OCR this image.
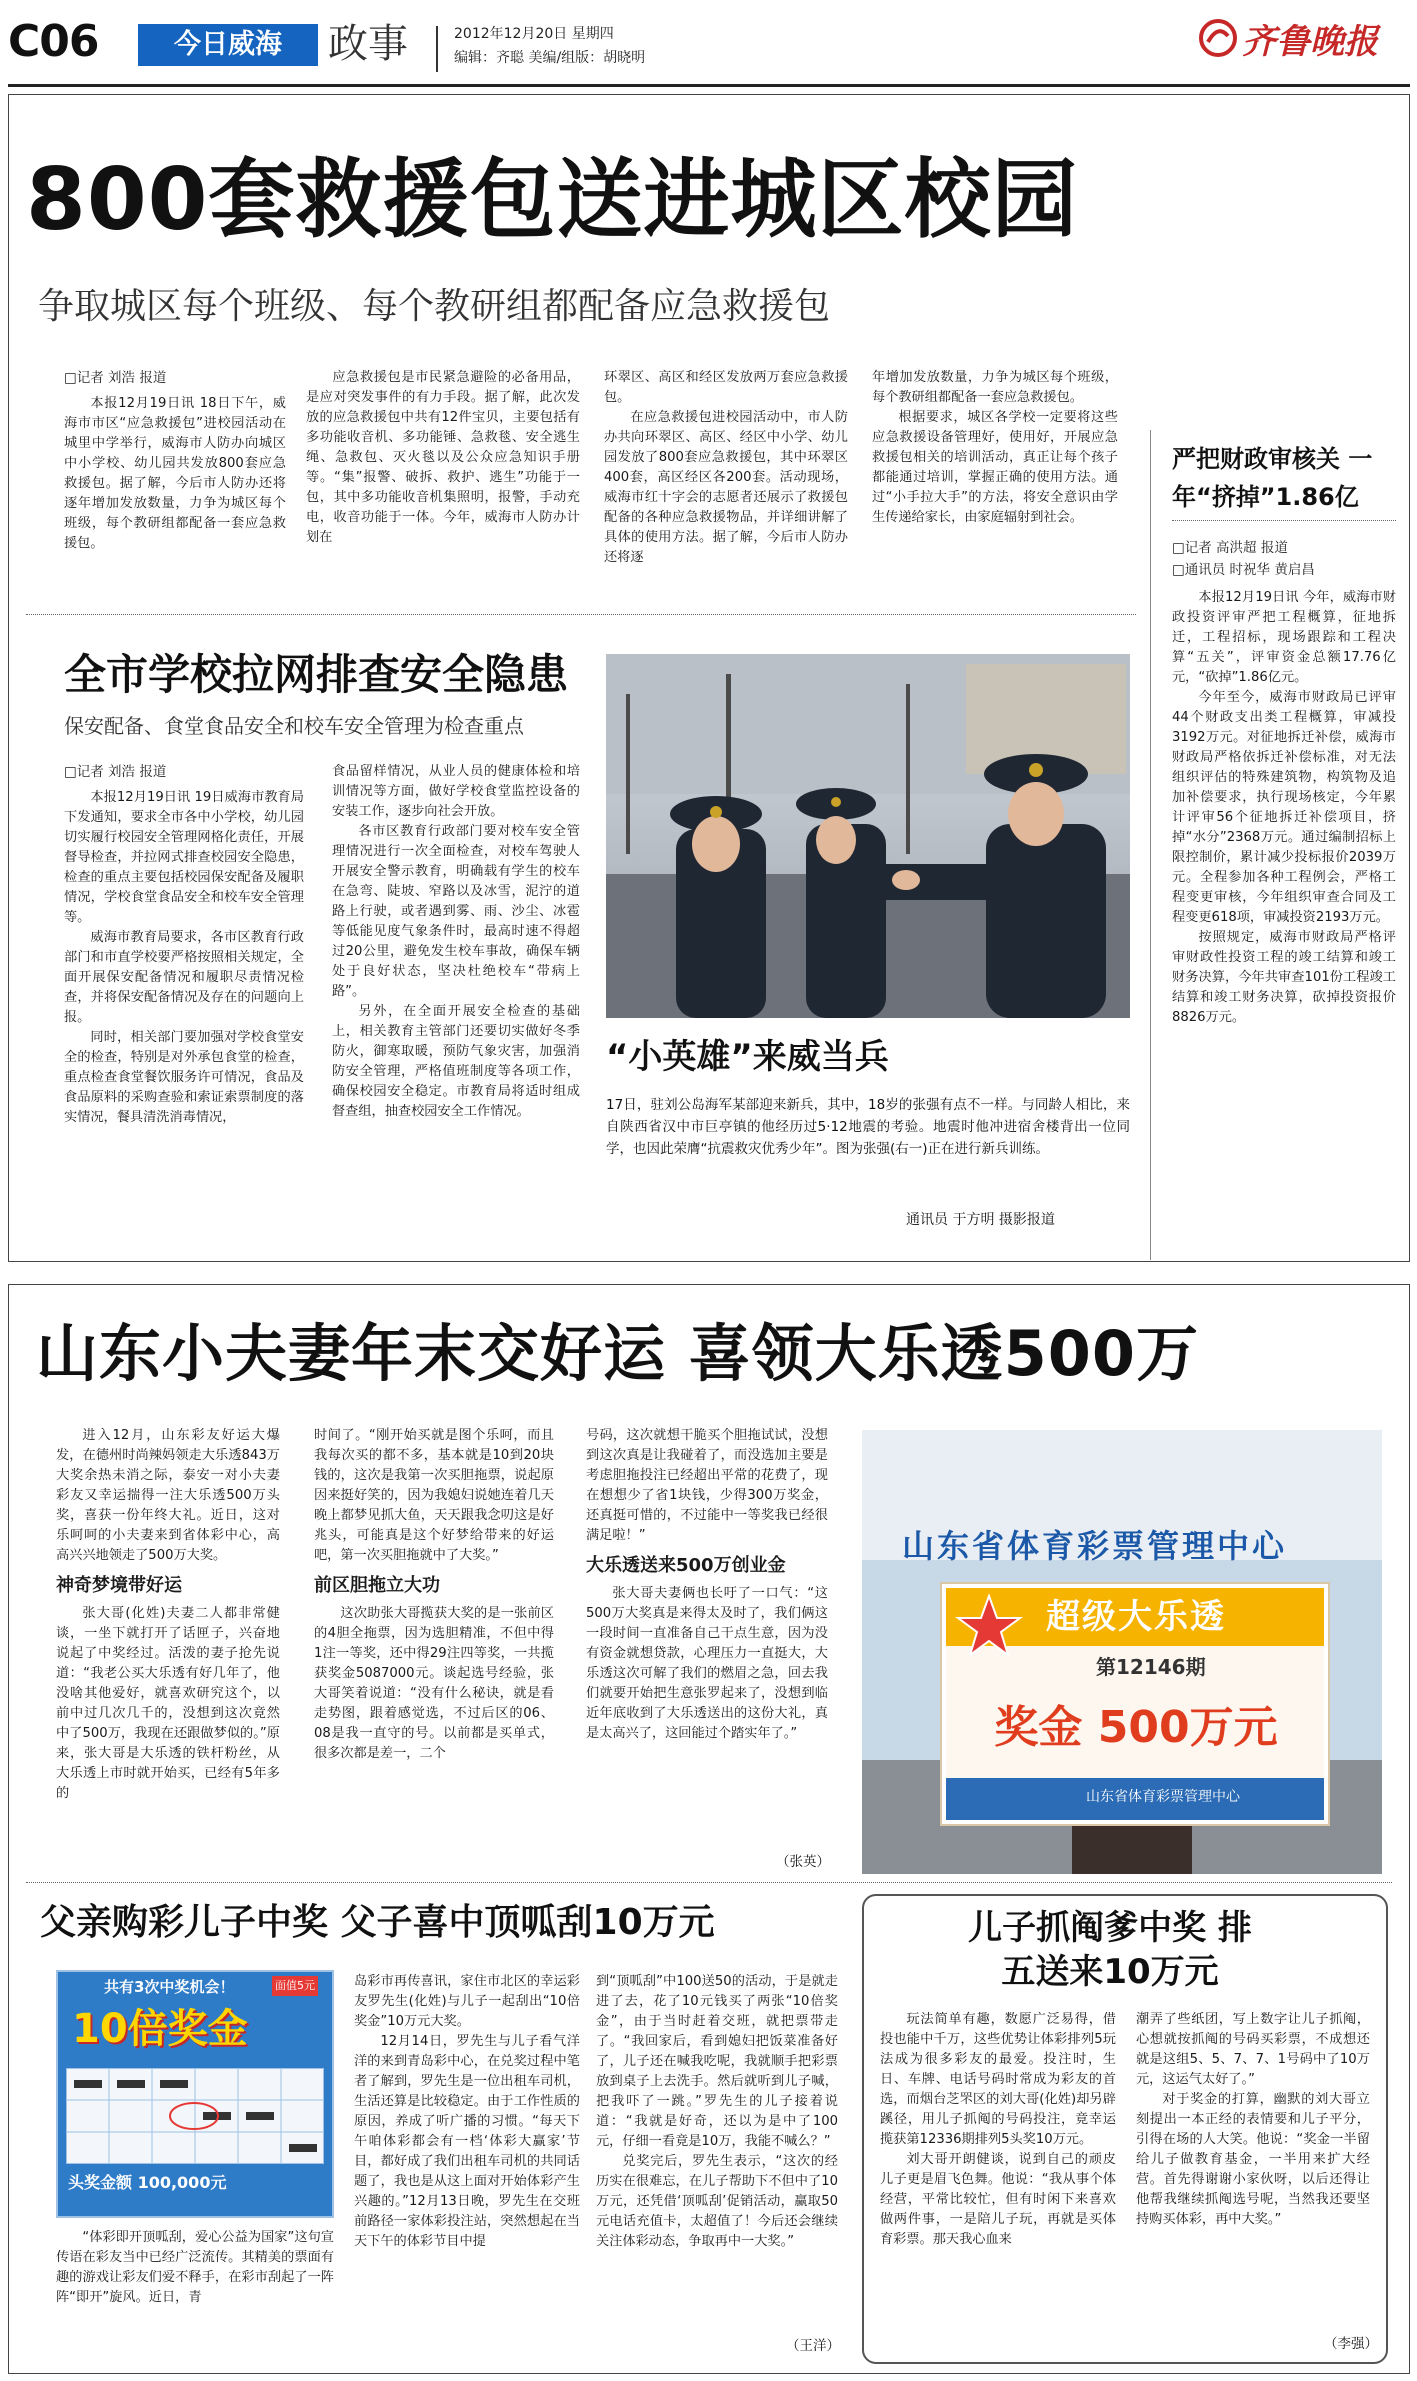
C06	今日威海	政事	2012年12月20日 星期四
编辑：齐聪 美编/组版：胡晓明	齐鲁晚报
800套救援包送进城区校园
争取城区每个班级、每个教研组都配备应急救援包
□记者 刘浩 报道

本报12月19日讯 18日下午，威海市市区“应急救援包”进校园活动在城里中学举行，威海市人防办向城区中小学校、幼儿园共发放800套应急救援包。据了解，今后市人防办还将逐年增加发放数量，力争为城区每个班级，每个教研组都配备一套应急救援包。

应急救援包是市民紧急避险的必备用品，是应对突发事件的有力手段。据了解，此次发放的应急救援包中共有12件宝贝，主要包括有多功能收音机、多功能锤、急救毯、安全逃生绳、急救包、灭火毯以及公众应急知识手册等。“集”报警、破拆、救护、逃生”功能于一包，其中多功能收音机集照明，报警，手动充电，收音功能于一体。今年，威海市人防办计划在

环翠区、高区和经区发放两万套应急救援包。

在应急救援包进校园活动中，市人防办共向环翠区、高区、经区中小学、幼儿园发放了800套应急救援包，其中环翠区400套，高区经区各200套。活动现场，威海市红十字会的志愿者还展示了救援包配备的各种应急救援物品，并详细讲解了具体的使用方法。据了解，今后市人防办还将逐

年增加发放数量，力争为城区每个班级，每个教研组都配备一套应急救援包。

根据要求，城区各学校一定要将这些应急救援设备管理好，使用好，开展应急救援包相关的培训活动，真正让每个孩子都能通过培训，掌握正确的使用方法。通过“小手拉大手”的方法，将安全意识由学生传递给家长，由家庭辐射到社会。

全市学校拉网排查安全隐患
保安配备、食堂食品安全和校车安全管理为检查重点
□记者 刘浩 报道

本报12月19日讯 19日威海市教育局下发通知，要求全市各中小学校，幼儿园切实履行校园安全管理网格化责任，开展督导检查，并拉网式排查校园安全隐患，检查的重点主要包括校园保安配备及履职情况，学校食堂食品安全和校车安全管理等。

威海市教育局要求，各市区教育行政部门和市直学校要严格按照相关规定，全面开展保安配备情况和履职尽责情况检查，并将保安配备情况及存在的问题向上报。

同时，相关部门要加强对学校食堂安全的检查，特别是对外承包食堂的检查，重点检查食堂餐饮服务许可情况，食品及食品原料的采购查验和索证索票制度的落实情况，餐具清洗消毒情况，

食品留样情况，从业人员的健康体检和培训情况等方面，做好学校食堂监控设备的安装工作，逐步向社会开放。

各市区教育行政部门要对校车安全管理情况进行一次全面检查，对校车驾驶人开展安全警示教育，明确载有学生的校车在急弯、陡坡、窄路以及冰雪，泥泞的道路上行驶，或者遇到雾、雨、沙尘、冰雹等低能见度气象条件时，最高时速不得超过20公里，避免发生校车事故，确保车辆处于良好状态，坚决杜绝校车“带病上路”。

另外，在全面开展安全检查的基础上，相关教育主管部门还要切实做好冬季防火，御寒取暖，预防气象灾害，加强消防安全管理，严格值班制度等各项工作，确保校园安全稳定。市教育局将适时组成督查组，抽查校园安全工作情况。

“小英雄”来威当兵
17日，驻刘公岛海军某部迎来新兵，其中，18岁的张强有点不一样。与同龄人相比，来自陕西省汉中市巨亭镇的他经历过5·12地震的考验。地震时他冲进宿舍楼背出一位同学，也因此荣膺“抗震救灾优秀少年”。图为张强(右一)正在进行新兵训练。
通讯员 于方明 摄影报道
严把财政审核关 一年“挤掉”1.86亿
□记者 高洪超 报道
□通讯员 时祝华 黄启昌

本报12月19日讯 今年，威海市财政投资评审严把工程概算，征地拆迁，工程招标，现场跟踪和工程决算“五关”，评审资金总额17.76亿元，“砍掉”1.86亿元。

今年至今，威海市财政局已评审44个财政支出类工程概算，审减投3192万元。对征地拆迁补偿，威海市财政局严格依拆迁补偿标准，对无法组织评估的特殊建筑物，构筑物及追加补偿要求，执行现场核定，今年累计评审56个征地拆迁补偿项目，挤掉“水分”2368万元。通过编制招标上限控制价，累计减少投标报价2039万元。全程参加各种工程例会，严格工程变更审核，今年组织审查合同及工程变更618项，审减投资2193万元。

按照规定，威海市财政局严格评审财政性投资工程的竣工结算和竣工财务决算，今年共审查101份工程竣工结算和竣工财务决算，砍掉投资报价8826万元。

山东小夫妻年末交好运 喜领大乐透500万

进入12月，山东彩友好运大爆发，在德州时尚辣妈领走大乐透843万大奖余热未消之际，泰安一对小夫妻彩友又幸运揣得一注大乐透500万头奖，喜获一份年终大礼。近日，这对乐呵呵的小夫妻来到省体彩中心，高高兴兴地领走了500万大奖。

神奇梦境带好运

张大哥(化姓)夫妻二人都非常健谈，一坐下就打开了话匣子，兴奋地说起了中奖经过。活泼的妻子抢先说道：“我老公买大乐透有好几年了，他没啥其他爱好，就喜欢研究这个，以前中过几次几千的，没想到这次竟然中了500万，我现在还跟做梦似的。”原来，张大哥是大乐透的铁杆粉丝，从大乐透上市时就开始买，已经有5年多的

时间了。“刚开始买就是图个乐呵，而且我每次买的都不多，基本就是10到20块钱的，这次是我第一次买胆拖票，说起原因来挺好笑的，因为我媳妇说她连着几天晚上都梦见抓大鱼，天天跟我念叨这是好兆头，可能真是这个好梦给带来的好运吧，第一次买胆拖就中了大奖。”

前区胆拖立大功

这次助张大哥揽获大奖的是一张前区的4胆全拖票，因为选胆精准，不但中得1注一等奖，还中得29注四等奖，一共揽获奖金5087000元。谈起选号经验，张大哥笑着说道：“没有什么秘诀，就是看走势图，跟着感觉选，不过后区的06、08是我一直守的号。以前都是买单式，很多次都是差一，二个

号码，这次就想干脆买个胆拖试试，没想到这次真是让我碰着了，而没选加主要是考虑胆拖投注已经超出平常的花费了，现在想想少了省1块钱，少得300万奖金，还真挺可惜的，不过能中一等奖我已经很满足啦！”

大乐透送来500万创业金

张大哥夫妻俩也长吁了一口气：“这500万大奖真是来得太及时了，我们俩这一段时间一直准备自己干点生意，因为没有资金就想贷款，心理压力一直挺大，大乐透这次可解了我们的燃眉之急，回去我们就要开始把生意张罗起来了，没想到临近年底收到了大乐透送出的这份大礼，真是太高兴了，这回能过个踏实年了。”

（张英）
山东省体育彩票管理中心
超级大乐透
第12146期
奖金 500万元
山东省体育彩票管理中心
父亲购彩儿子中奖 父子喜中顶呱刮10万元
共有3次中奖机会！	面值5元
10倍奖金
头奖金额 100,000元

“体彩即开顶呱刮，爱心公益为国家”这句宣传语在彩友当中已经广泛流传。其精美的票面有趣的游戏让彩友们爱不释手，在彩市刮起了一阵阵“即开”旋风。近日，青

岛彩市再传喜讯，家住市北区的幸运彩友罗先生(化姓)与儿子一起刮出“10倍奖金”10万元大奖。

12月14日，罗先生与儿子看气洋洋的来到青岛彩中心，在兑奖过程中笔者了解到，罗先生是一位出租车司机，生活还算是比较稳定。由于工作性质的原因，养成了听广播的习惯。“每天下午咱体彩都会有一档‘体彩大赢家’节目，都好成了我们出租车司机的共同话题了，我也是从这上面对开始体彩产生兴趣的。”12月13日晚，罗先生在交班前路径一家体彩投注站，突然想起在当天下午的体彩节目中提

到“顶呱刮”中100送50的活动，于是就走进了去，花了10元钱买了两张“10倍奖金”，由于当时赶着交班，就把票带走了。“我回家后，看到媳妇把饭菜准备好了，儿子还在喊我吃呢，我就顺手把彩票放到桌子上去洗手。然后就听到儿子喊，把我吓了一跳。”罗先生的儿子接着说道：“我就是好奇，还以为是中了100元，仔细一看竟是10万，我能不喊么？”

兑奖完后，罗先生表示，“这次的经历实在很难忘，在儿子帮助下不但中了10万元，还凭借‘顶呱刮’促销活动，赢取50元电话充值卡，太超值了！今后还会继续关注体彩动态，争取再中一大奖。”

（王洋）
儿子抓阄爹中奖 排五送来10万元

玩法简单有趣，数愿广泛易得，借投也能中千万，这些优势让体彩排列5玩法成为很多彩友的最爱。投注时，生日、车牌、电话号码时常成为彩友的首选，而烟台芝罘区的刘大哥(化姓)却另辟蹊径，用儿子抓阄的号码投注，竟幸运揽获第12336期排列5头奖10万元。

刘大哥开朗健谈，说到自己的顽皮儿子更是眉飞色舞。他说：“我从事个体经营，平常比较忙，但有时闲下来喜欢做两件事，一是陪儿子玩，再就是买体育彩票。那天我心血来

潮弄了些纸团，写上数字让儿子抓阄，心想就按抓阄的号码买彩票，不成想还就是这组5、5、7、7、1号码中了10万元，这运气太好了。”

对于奖金的打算，幽默的刘大哥立刻提出一本正经的表情要和儿子平分，引得在场的人大笑。他说：“奖金一半留给儿子做教育基金，一半用来扩大经营。首先得谢谢小家伙呀，以后还得让他帮我继续抓阄选号呢，当然我还要坚持购买体彩，再中大奖。”

（李强）
